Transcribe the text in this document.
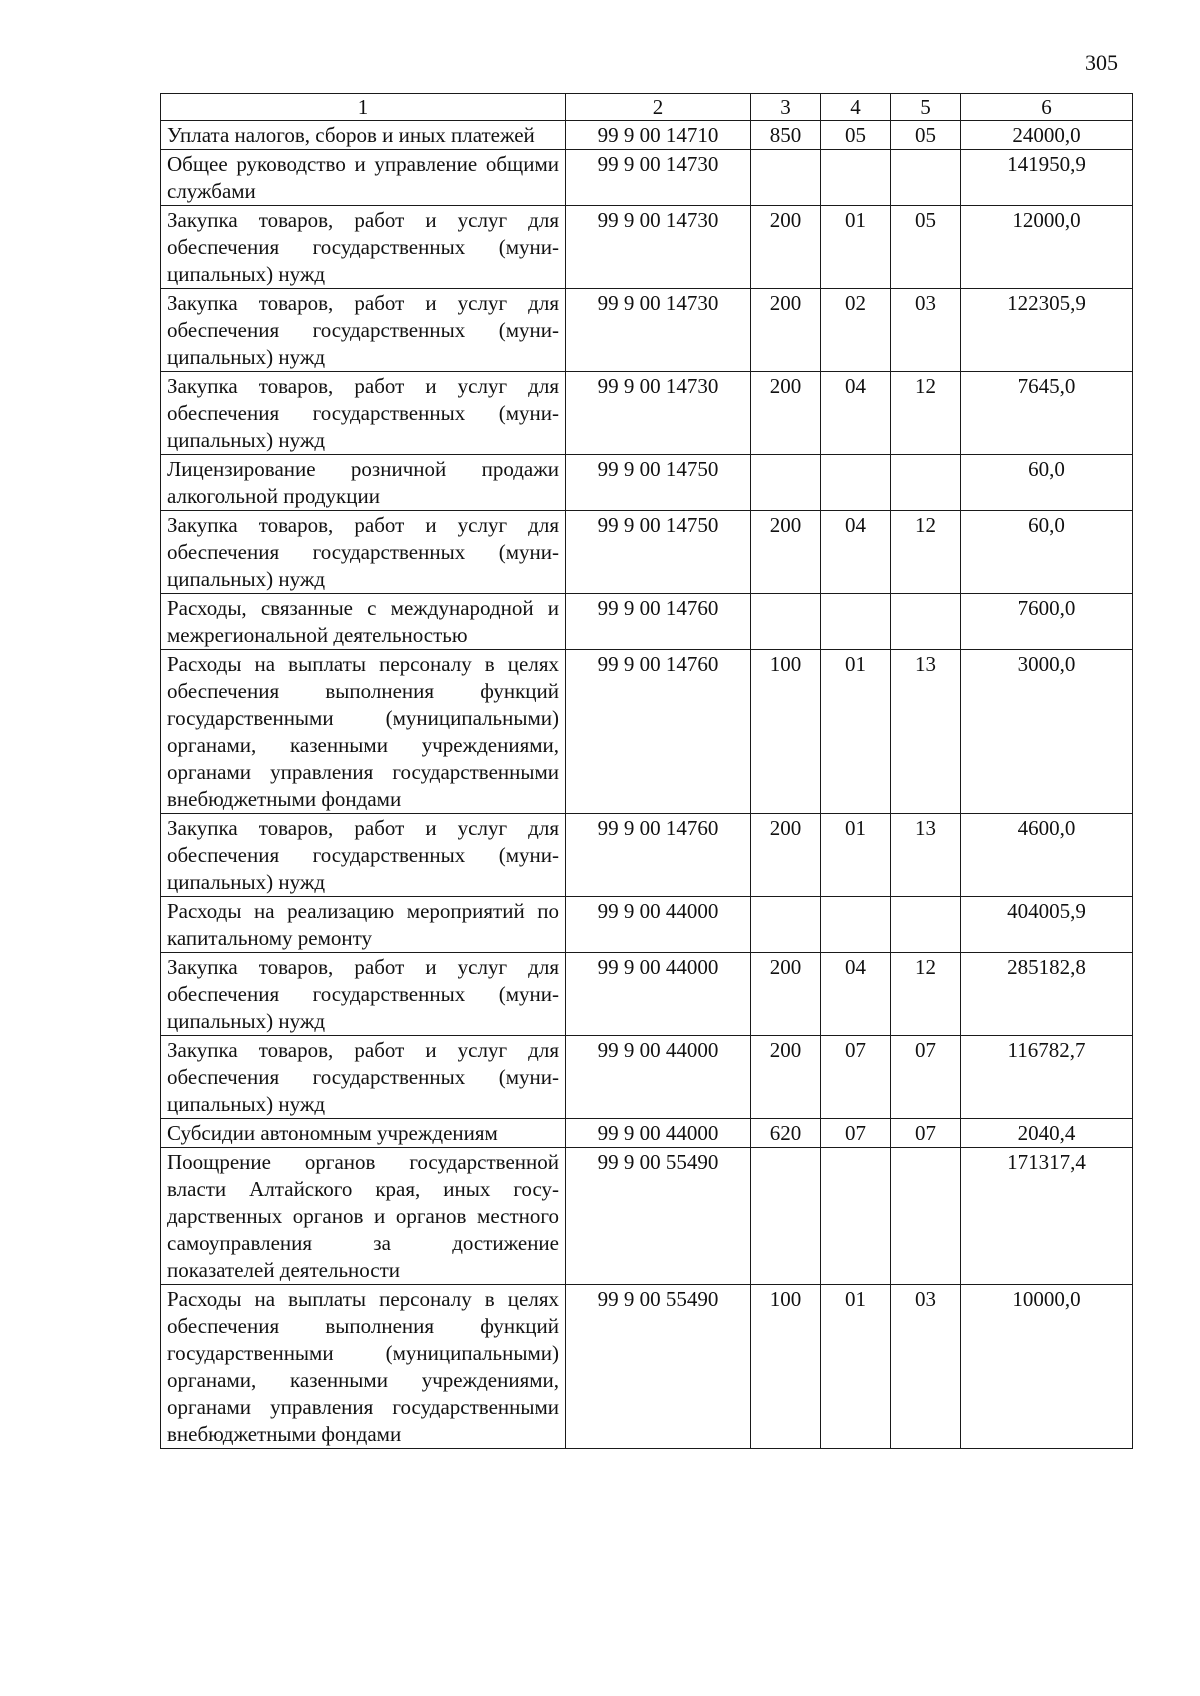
305
1	2	3	4	5	6
Уплата налогов, сборов и иных платежей	99 9 00 14710	850	05	05	24000,0
Общее руководство и управление общими службами	99 9 00 14730				141950,9
Закупка товаров, работ и услуг для обеспечения государственных (муниципальных) нужд	99 9 00 14730	200	01	05	12000,0
Закупка товаров, работ и услуг для обеспечения государственных (муниципальных) нужд	99 9 00 14730	200	02	03	122305,9
Закупка товаров, работ и услуг для обеспечения государственных (муниципальных) нужд	99 9 00 14730	200	04	12	7645,0
Лицензирование розничной продажи алкогольной продукции	99 9 00 14750				60,0
Закупка товаров, работ и услуг для обеспечения государственных (муниципальных) нужд	99 9 00 14750	200	04	12	60,0
Расходы, связанные с международной и межрегиональной деятельностью	99 9 00 14760				7600,0
Расходы на выплаты персоналу в целях обеспечения выполнения функций государственными (муниципальными) органами, казенными учреждениями, органами управления государственными внебюджетными фондами	99 9 00 14760	100	01	13	3000,0
Закупка товаров, работ и услуг для обеспечения государственных (муниципальных) нужд	99 9 00 14760	200	01	13	4600,0
Расходы на реализацию мероприятий по капитальному ремонту	99 9 00 44000				404005,9
Закупка товаров, работ и услуг для обеспечения государственных (муниципальных) нужд	99 9 00 44000	200	04	12	285182,8
Закупка товаров, работ и услуг для обеспечения государственных (муниципальных) нужд	99 9 00 44000	200	07	07	116782,7
Субсидии автономным учреждениям	99 9 00 44000	620	07	07	2040,4
Поощрение органов государственной власти Алтайского края, иных государственных органов и органов местного самоуправления за достижение показателей деятельности	99 9 00 55490				171317,4
Расходы на выплаты персоналу в целях обеспечения выполнения функций государственными (муниципальными) органами, казенными учреждениями, органами управления государственными внебюджетными фондами	99 9 00 55490	100	01	03	10000,0
